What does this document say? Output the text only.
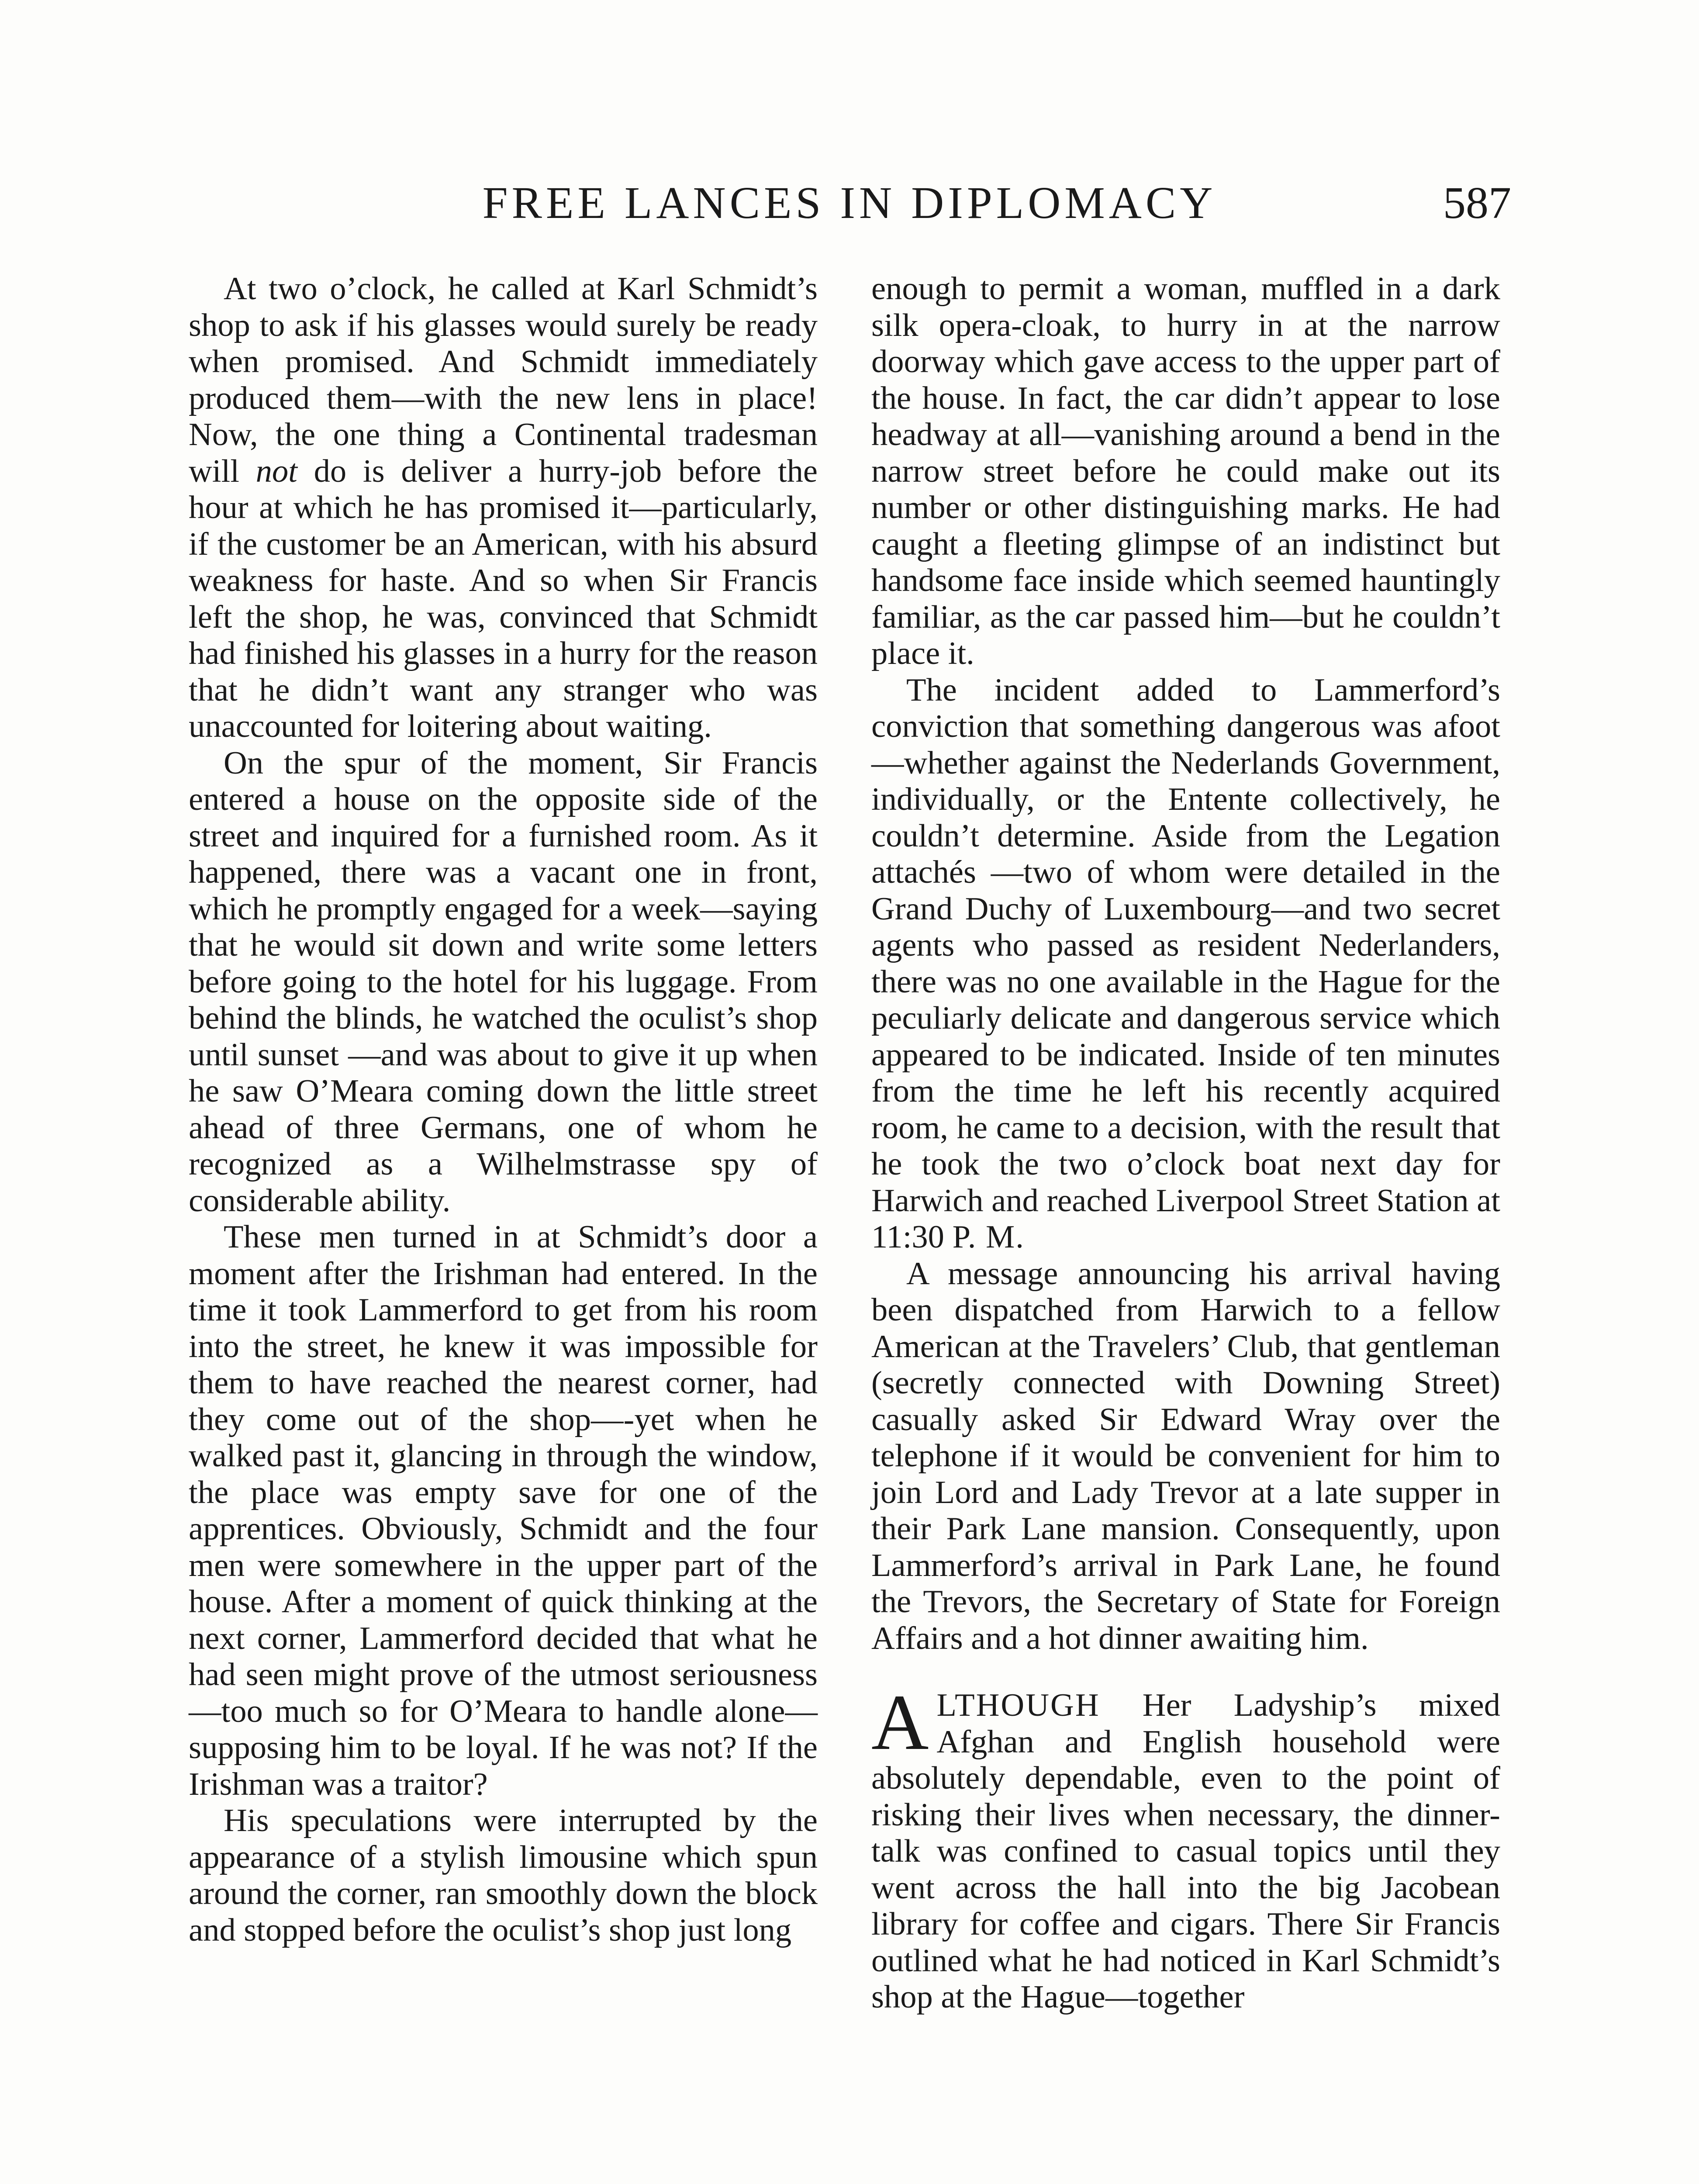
FREE LANCES IN DIPLOMACY	587

At two o’clock, he called at Karl Schmidt’s shop to ask if his glasses would surely be ready when promised. And Schmidt immediately produced them—with the new lens in place! Now, the one thing a Continental tradesman will not do is deliver a hurry-job before the hour at which he has promised it—particularly, if the customer be an American, with his absurd weakness for haste. And so when Sir Francis left the shop, he was, convinced that Schmidt had finished his glasses in a hurry for the reason that he didn’t want any stranger who was unaccounted for loitering about waiting.

On the spur of the moment, Sir Francis entered a house on the opposite side of the street and inquired for a furnished room. As it happened, there was a vacant one in front, which he promptly engaged for a week—saying that he would sit down and write some letters before going to the hotel for his luggage. From behind the blinds, he watched the oculist’s shop until sunset —and was about to give it up when he saw O’Meara coming down the little street ahead of three Germans, one of whom he recognized as a Wilhelmstrasse spy of considerable ability.

These men turned in at Schmidt’s door a moment after the Irishman had entered. In the time it took Lammerford to get from his room into the street, he knew it was impossible for them to have reached the nearest corner, had they come out of the shop—-yet when he walked past it, glancing in through the window, the place was empty save for one of the apprentices. Obviously, Schmidt and the four men were somewhere in the upper part of the house. After a moment of quick thinking at the next corner, Lammerford decided that what he had seen might prove of the utmost seriousness —too much so for O’Meara to handle alone—supposing him to be loyal. If he was not? If the Irishman was a traitor?

His speculations were interrupted by the appearance of a stylish limousine which spun around the corner, ran smoothly down the block and stopped before the oculist’s shop just long

enough to permit a woman, muffled in a dark silk opera-cloak, to hurry in at the narrow doorway which gave access to the upper part of the house. In fact, the car didn’t appear to lose headway at all—vanishing around a bend in the narrow street before he could make out its number or other distinguishing marks. He had caught a fleeting glimpse of an indistinct but handsome face inside which seemed hauntingly familiar, as the car passed him—but he couldn’t place it.

The incident added to Lammerford’s conviction that something dangerous was afoot—whether against the Nederlands Government, individually, or the Entente collectively, he couldn’t determine. Aside from the Legation attachés —two of whom were detailed in the Grand Duchy of Luxembourg—and two secret agents who passed as resident Nederlanders, there was no one available in the Hague for the peculiarly delicate and dangerous service which appeared to be indicated. Inside of ten minutes from the time he left his recently acquired room, he came to a decision, with the result that he took the two o’clock boat next day for Harwich and reached Liverpool Street Station at 11:30 P. M.

A message announcing his arrival having been dispatched from Harwich to a fellow American at the Travelers’ Club, that gentleman (secretly connected with Downing Street) casually asked Sir Edward Wray over the telephone if it would be convenient for him to join Lord and Lady Trevor at a late supper in their Park Lane mansion. Consequently, upon Lammerford’s arrival in Park Lane, he found the Trevors, the Secretary of State for Foreign Affairs and a hot dinner awaiting him.

ALTHOUGH Her Ladyship’s mixed Afghan and English household were absolutely dependable, even to the point of risking their lives when necessary, the dinner-talk was confined to casual topics until they went across the hall into the big Jacobean library for coffee and cigars. There Sir Francis outlined what he had noticed in Karl Schmidt’s shop at the Hague—together
